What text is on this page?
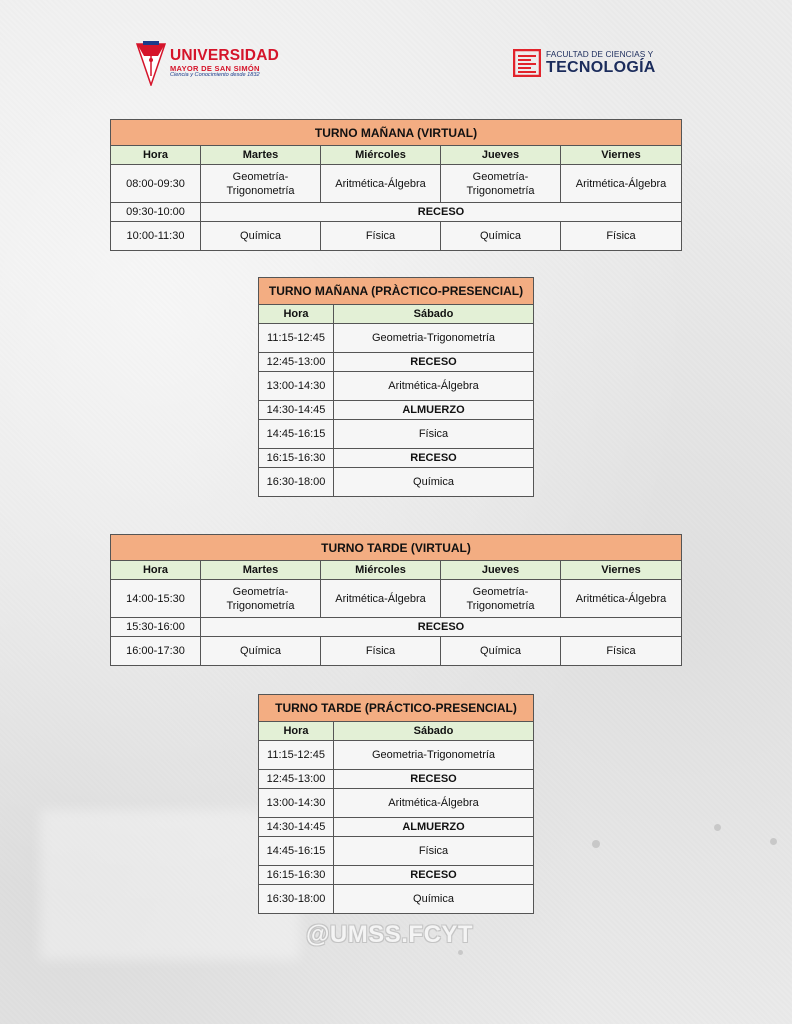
UNIVERSIDAD
MAYOR DE SAN SIMÓN
Ciencia y Conocimiento desde 1832
FACULTAD DE CIENCIAS Y
TECNOLOGÍA
TURNO MAÑANA (VIRTUAL)				
Hora	Martes	Miércoles	Jueves	Viernes
08:00-09:30	Geometría-Trigonometría	Aritmética-Álgebra	Geometría-Trigonometría	Aritmética-Álgebra
09:30-10:00	RECESO			
10:00-11:30	Química	Física	Química	Física
TURNO MAÑANA (PRÀCTICO-PRESENCIAL)	
Hora	Sábado
11:15-12:45	Geometria-Trigonometría
12:45-13:00	RECESO
13:00-14:30	Aritmética-Álgebra
14:30-14:45	ALMUERZO
14:45-16:15	Física
16:15-16:30	RECESO
16:30-18:00	Química
TURNO TARDE (VIRTUAL)				
Hora	Martes	Miércoles	Jueves	Viernes
14:00-15:30	Geometría-Trigonometría	Aritmética-Álgebra	Geometría-Trigonometría	Aritmética-Álgebra
15:30-16:00	RECESO			
16:00-17:30	Química	Física	Química	Física
TURNO TARDE (PRÁCTICO-PRESENCIAL)	
Hora	Sábado
11:15-12:45	Geometria-Trigonometría
12:45-13:00	RECESO
13:00-14:30	Aritmética-Álgebra
14:30-14:45	ALMUERZO
14:45-16:15	Física
16:15-16:30	RECESO
16:30-18:00	Química
@UMSS.FCYT
